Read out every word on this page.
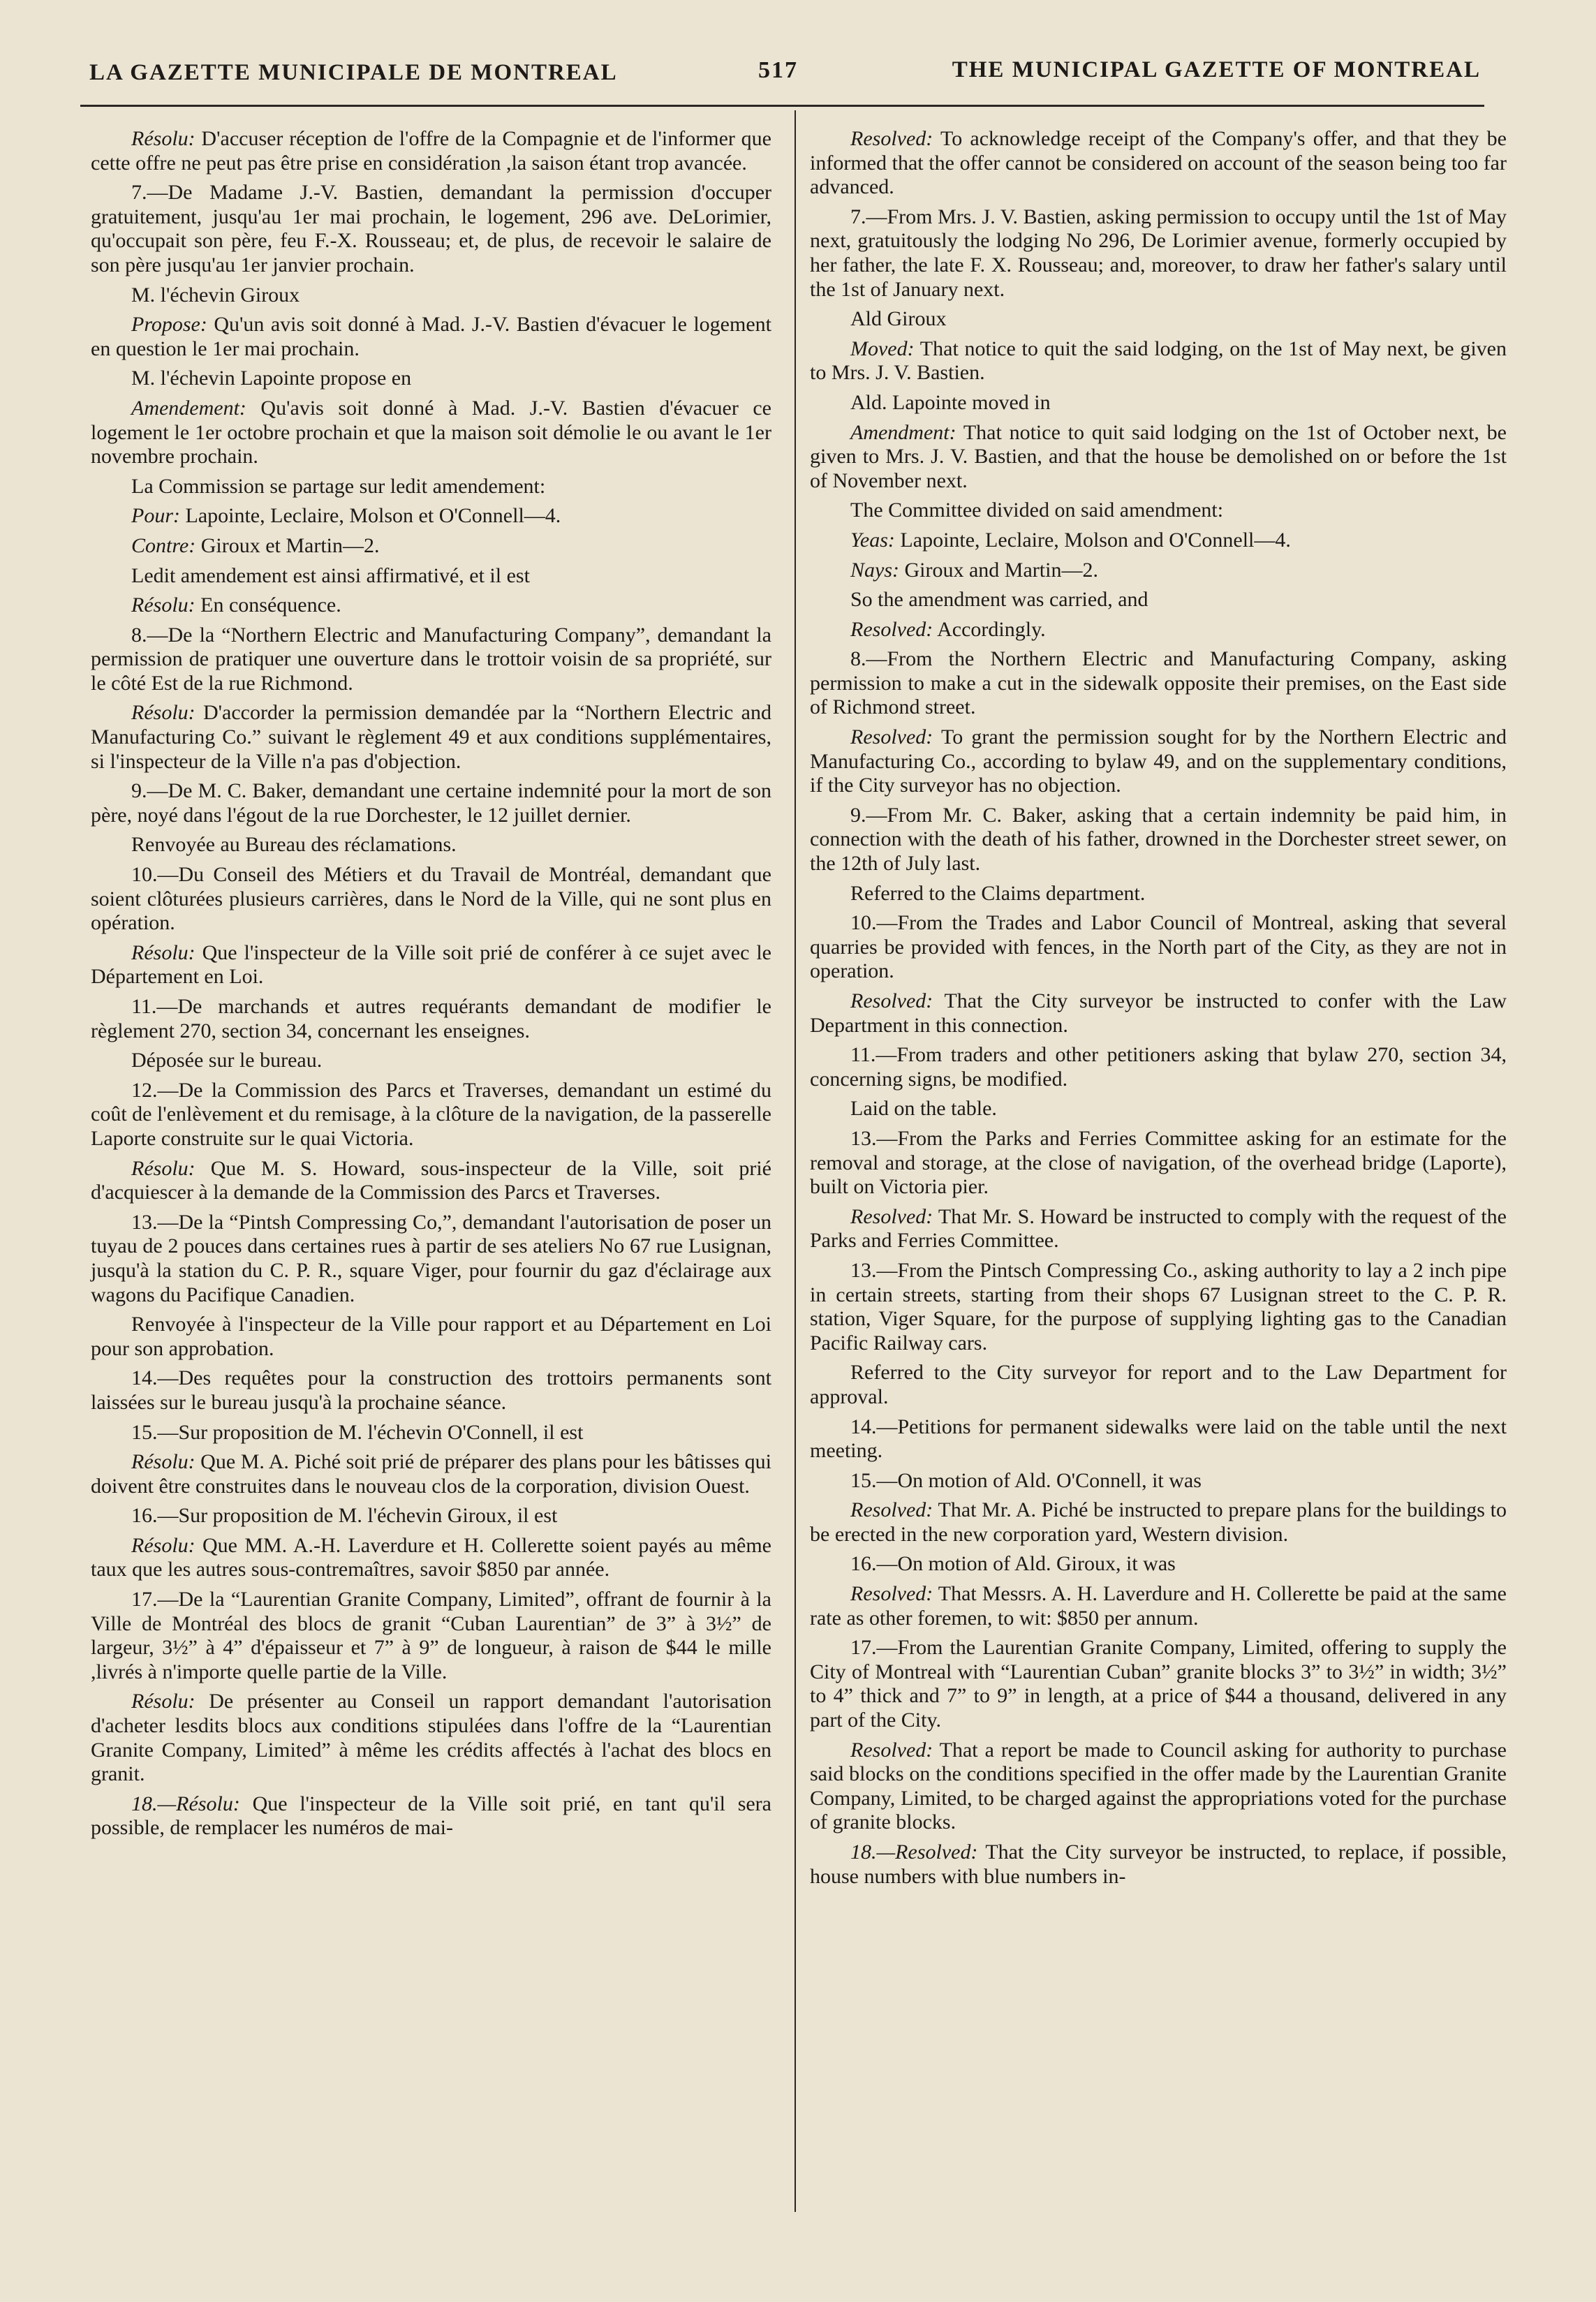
LA GAZETTE MUNICIPALE DE MONTREAL	517	THE MUNICIPAL GAZETTE OF MONTREAL

Résolu: D'accuser réception de l'offre de la Compagnie et de l'informer que cette offre ne peut pas être prise en considération ,la saison étant trop avancée.

7.—De Madame J.-V. Bastien, demandant la permission d'occuper gratuitement, jusqu'au 1er mai prochain, le logement, 296 ave. DeLorimier, qu'occupait son père, feu F.-X. Rousseau; et, de plus, de recevoir le salaire de son père jusqu'au 1er janvier prochain.

M. l'échevin Giroux

Propose: Qu'un avis soit donné à Mad. J.-V. Bastien d'évacuer le logement en question le 1er mai prochain.

M. l'échevin Lapointe propose en

Amendement: Qu'avis soit donné à Mad. J.-V. Bastien d'évacuer ce logement le 1er octobre prochain et que la maison soit démolie le ou avant le 1er novembre prochain.

La Commission se partage sur ledit amendement:

Pour: Lapointe, Leclaire, Molson et O'Connell—4.

Contre: Giroux et Martin—2.

Ledit amendement est ainsi affirmativé, et il est

Résolu: En conséquence.

8.—De la “Northern Electric and Manufacturing Company”, demandant la permission de pratiquer une ouverture dans le trottoir voisin de sa propriété, sur le côté Est de la rue Richmond.

Résolu: D'accorder la permission demandée par la “Northern Electric and Manufacturing Co.” suivant le règlement 49 et aux conditions supplémentaires, si l'inspecteur de la Ville n'a pas d'objection.

9.—De M. C. Baker, demandant une certaine indemnité pour la mort de son père, noyé dans l'égout de la rue Dorchester, le 12 juillet dernier.

Renvoyée au Bureau des réclamations.

10.—Du Conseil des Métiers et du Travail de Montréal, demandant que soient clôturées plusieurs carrières, dans le Nord de la Ville, qui ne sont plus en opération.

Résolu: Que l'inspecteur de la Ville soit prié de conférer à ce sujet avec le Département en Loi.

11.—De marchands et autres requérants demandant de modifier le règlement 270, section 34, concernant les enseignes.

Déposée sur le bureau.

12.—De la Commission des Parcs et Traverses, demandant un estimé du coût de l'enlèvement et du remisage, à la clôture de la navigation, de la passerelle Laporte construite sur le quai Victoria.

Résolu: Que M. S. Howard, sous-inspecteur de la Ville, soit prié d'acquiescer à la demande de la Commission des Parcs et Traverses.

13.—De la “Pintsh Compressing Co,”, demandant l'autorisation de poser un tuyau de 2 pouces dans certaines rues à partir de ses ateliers No 67 rue Lusignan, jusqu'à la station du C. P. R., square Viger, pour fournir du gaz d'éclairage aux wagons du Pacifique Canadien.

Renvoyée à l'inspecteur de la Ville pour rapport et au Département en Loi pour son approbation.

14.—Des requêtes pour la construction des trottoirs permanents sont laissées sur le bureau jusqu'à la prochaine séance.

15.—Sur proposition de M. l'échevin O'Connell, il est

Résolu: Que M. A. Piché soit prié de préparer des plans pour les bâtisses qui doivent être construites dans le nouveau clos de la corporation, division Ouest.

16.—Sur proposition de M. l'échevin Giroux, il est

Résolu: Que MM. A.-H. Laverdure et H. Collerette soient payés au même taux que les autres sous-contremaîtres, savoir $850 par année.

17.—De la “Laurentian Granite Company, Limited”, offrant de fournir à la Ville de Montréal des blocs de granit “Cuban Laurentian” de 3” à 3½” de largeur, 3½” à 4” d'épaisseur et 7” à 9” de longueur, à raison de $44 le mille ,livrés à n'importe quelle partie de la Ville.

Résolu: De présenter au Conseil un rapport demandant l'autorisation d'acheter lesdits blocs aux conditions stipulées dans l'offre de la “Laurentian Granite Company, Limited” à même les crédits affectés à l'achat des blocs en granit.

18.—Résolu: Que l'inspecteur de la Ville soit prié, en tant qu'il sera possible, de remplacer les numéros de mai-

Resolved: To acknowledge receipt of the Company's offer, and that they be informed that the offer cannot be considered on account of the season being too far advanced.

7.—From Mrs. J. V. Bastien, asking permission to occupy until the 1st of May next, gratuitously the lodging No 296, De Lorimier avenue, formerly occupied by her father, the late F. X. Rousseau; and, moreover, to draw her father's salary until the 1st of January next.

Ald Giroux

Moved: That notice to quit the said lodging, on the 1st of May next, be given to Mrs. J. V. Bastien.

Ald. Lapointe moved in

Amendment: That notice to quit said lodging on the 1st of October next, be given to Mrs. J. V. Bastien, and that the house be demolished on or before the 1st of November next.

The Committee divided on said amendment:

Yeas: Lapointe, Leclaire, Molson and O'Connell—4.

Nays: Giroux and Martin—2.

So the amendment was carried, and

Resolved: Accordingly.

8.—From the Northern Electric and Manufacturing Company, asking permission to make a cut in the sidewalk opposite their premises, on the East side of Richmond street.

Resolved: To grant the permission sought for by the Northern Electric and Manufacturing Co., according to bylaw 49, and on the supplementary conditions, if the City surveyor has no objection.

9.—From Mr. C. Baker, asking that a certain indemnity be paid him, in connection with the death of his father, drowned in the Dorchester street sewer, on the 12th of July last.

Referred to the Claims department.

10.—From the Trades and Labor Council of Montreal, asking that several quarries be provided with fences, in the North part of the City, as they are not in operation.

Resolved: That the City surveyor be instructed to confer with the Law Department in this connection.

11.—From traders and other petitioners asking that bylaw 270, section 34, concerning signs, be modified.

Laid on the table.

13.—From the Parks and Ferries Committee asking for an estimate for the removal and storage, at the close of navigation, of the overhead bridge (Laporte), built on Victoria pier.

Resolved: That Mr. S. Howard be instructed to comply with the request of the Parks and Ferries Committee.

13.—From the Pintsch Compressing Co., asking authority to lay a 2 inch pipe in certain streets, starting from their shops 67 Lusignan street to the C. P. R. station, Viger Square, for the purpose of supplying lighting gas to the Canadian Pacific Railway cars.

Referred to the City surveyor for report and to the Law Department for approval.

14.—Petitions for permanent sidewalks were laid on the table until the next meeting.

15.—On motion of Ald. O'Connell, it was

Resolved: That Mr. A. Piché be instructed to prepare plans for the buildings to be erected in the new corporation yard, Western division.

16.—On motion of Ald. Giroux, it was

Resolved: That Messrs. A. H. Laverdure and H. Collerette be paid at the same rate as other foremen, to wit: $850 per annum.

17.—From the Laurentian Granite Company, Limited, offering to supply the City of Montreal with “Laurentian Cuban” granite blocks 3” to 3½” in width; 3½” to 4” thick and 7” to 9” in length, at a price of $44 a thousand, delivered in any part of the City.

Resolved: That a report be made to Council asking for authority to purchase said blocks on the conditions specified in the offer made by the Laurentian Granite Company, Limited, to be charged against the appropriations voted for the purchase of granite blocks.

18.—Resolved: That the City surveyor be instructed, to replace, if possible, house numbers with blue numbers in-
